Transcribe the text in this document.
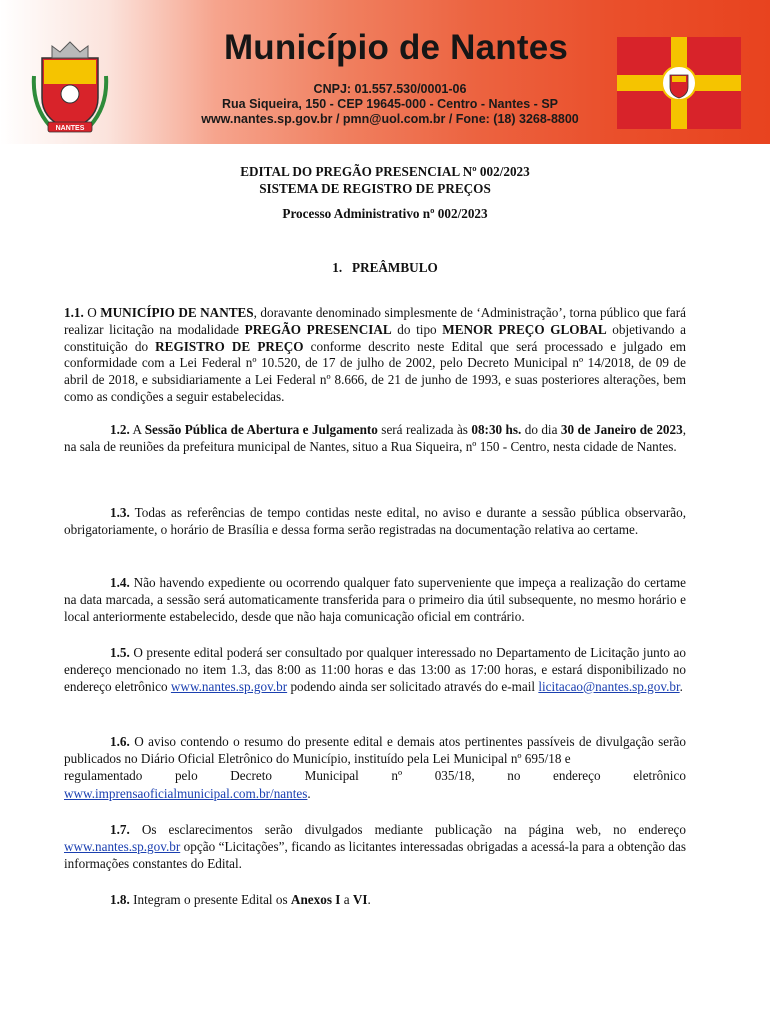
NANTES
Município de Nantes
CNPJ: 01.557.530/0001-06
Rua Siqueira, 150 - CEP 19645-000 - Centro - Nantes - SP
www.nantes.sp.gov.br / pmn@uol.com.br / Fone: (18) 3268-8800
EDITAL DO PREGÃO PRESENCIAL Nº 002/2023
SISTEMA DE REGISTRO DE PREÇOS
Processo Administrativo nº 002/2023
1.   PREÂMBULO

1.1. O MUNICÍPIO DE NANTES, doravante denominado simplesmente de ‘Administração’, torna público que fará realizar licitação na modalidade PREGÃO PRESENCIAL do tipo MENOR PREÇO GLOBAL objetivando a constituição do REGISTRO DE PREÇO conforme descrito neste Edital que será processado e julgado em conformidade com a Lei Federal nº 10.520, de 17 de julho de 2002, pelo Decreto Municipal nº 14/2018, de 09 de abril de 2018, e subsidiariamente a Lei Federal nº 8.666, de 21 de junho de 1993, e suas posteriores alterações, bem como as condições a seguir estabelecidas.

1.2. A Sessão Pública de Abertura e Julgamento será realizada às 08:30 hs. do dia 30 de Janeiro de 2023, na sala de reuniões da prefeitura municipal de Nantes, situo a Rua Siqueira, nº 150 - Centro, nesta cidade de Nantes.

1.3. Todas as referências de tempo contidas neste edital, no aviso e durante a sessão pública observarão, obrigatoriamente, o horário de Brasília e dessa forma serão registradas na documentação relativa ao certame.

1.4. Não havendo expediente ou ocorrendo qualquer fato superveniente que impeça a realização do certame na data marcada, a sessão será automaticamente transferida para o primeiro dia útil subsequente, no mesmo horário e local anteriormente estabelecido, desde que não haja comunicação oficial em contrário.

1.5. O presente edital poderá ser consultado por qualquer interessado no Departamento de Licitação junto ao endereço mencionado no item 1.3, das 8:00 as 11:00 horas e das 13:00 as 17:00 horas, e estará disponibilizado no endereço eletrônico www.nantes.sp.gov.br podendo ainda ser solicitado através do e-mail licitacao@nantes.sp.gov.br.

1.6. O aviso contendo o resumo do presente edital e demais atos pertinentes passíveis de divulgação serão publicados no Diário Oficial Eletrônico do Município, instituído pela Lei Municipal nº 695/18 e

regulamentado pelo Decreto Municipal nº 035/18, no endereço eletrônico

www.imprensaoficialmunicipal.com.br/nantes.

1.7. Os esclarecimentos serão divulgados mediante publicação na página web, no endereço www.nantes.sp.gov.br opção “Licitações”, ficando as licitantes interessadas obrigadas a acessá-la para a obtenção das informações constantes do Edital.

1.8. Integram o presente Edital os Anexos I a VI.
